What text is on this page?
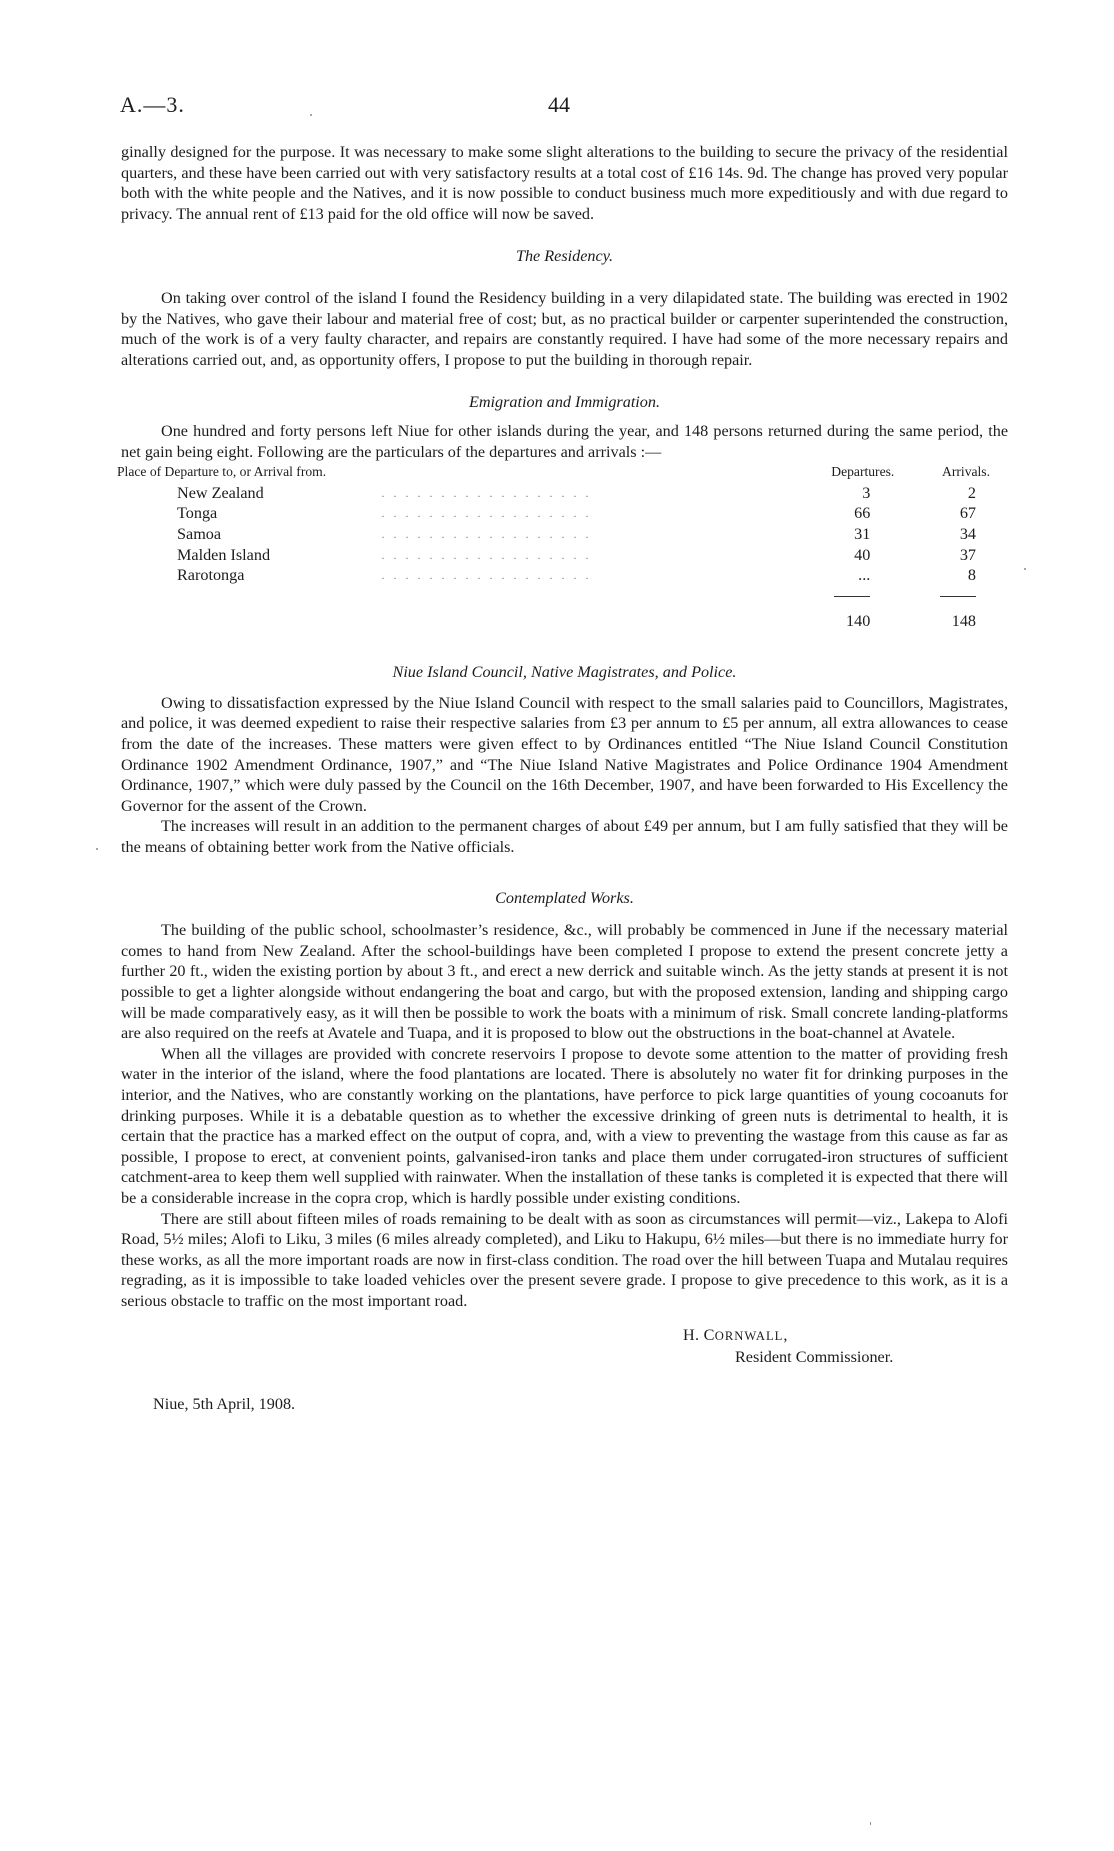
A.—3.	44

ginally designed for the purpose. It was necessary to make some slight alterations to the building to secure the privacy of the residential quarters, and these have been carried out with very satisfactory results at a total cost of £16 14s. 9d. The change has proved very popular both with the white people and the Natives, and it is now possible to conduct business much more expeditiously and with due regard to privacy. The annual rent of £13 paid for the old office will now be saved.

The Residency.

On taking over control of the island I found the Residency building in a very dilapidated state. The building was erected in 1902 by the Natives, who gave their labour and material free of cost; but, as no practical builder or carpenter superintended the construction, much of the work is of a very faulty character, and repairs are constantly required. I have had some of the more necessary repairs and alterations carried out, and, as opportunity offers, I propose to put the building in thorough repair.

Emigration and Immigration.

One hundred and forty persons left Niue for other islands during the year, and 148 persons returned during the same period, the net gain being eight. Following are the particulars of the departures and arrivals :—

Place of Departure to, or Arrival from.		Departures.	Arrivals.
New Zealand	. . . . . . . . . . . . . . . . . .	3	2
Tonga	. . . . . . . . . . . . . . . . . .	66	67
Samoa	. . . . . . . . . . . . . . . . . .	31	34
Malden Island	. . . . . . . . . . . . . . . . . .	40	37
Rarotonga	. . . . . . . . . . . . . . . . . .	...	8

		140	148
Niue Island Council, Native Magistrates, and Police.

Owing to dissatisfaction expressed by the Niue Island Council with respect to the small salaries paid to Councillors, Magistrates, and police, it was deemed expedient to raise their respective salaries from £3 per annum to £5 per annum, all extra allowances to cease from the date of the increases. These matters were given effect to by Ordinances entitled “The Niue Island Council Constitution Ordinance 1902 Amendment Ordinance, 1907,” and “The Niue Island Native Magistrates and Police Ordinance 1904 Amendment Ordinance, 1907,” which were duly passed by the Council on the 16th December, 1907, and have been forwarded to His Excellency the Governor for the assent of the Crown.

The increases will result in an addition to the permanent charges of about £49 per annum, but I am fully satisfied that they will be the means of obtaining better work from the Native officials.

Contemplated Works.

The building of the public school, schoolmaster’s residence, &c., will probably be commenced in June if the necessary material comes to hand from New Zealand. After the school-buildings have been completed I propose to extend the present concrete jetty a further 20 ft., widen the existing portion by about 3 ft., and erect a new derrick and suitable winch. As the jetty stands at present it is not possible to get a lighter alongside without endangering the boat and cargo, but with the proposed extension, landing and shipping cargo will be made comparatively easy, as it will then be possible to work the boats with a minimum of risk. Small concrete landing-platforms are also required on the reefs at Avatele and Tuapa, and it is proposed to blow out the obstructions in the boat-channel at Avatele.

When all the villages are provided with concrete reservoirs I propose to devote some attention to the matter of providing fresh water in the interior of the island, where the food plantations are located. There is absolutely no water fit for drinking purposes in the interior, and the Natives, who are constantly working on the plantations, have perforce to pick large quantities of young cocoanuts for drinking purposes. While it is a debatable question as to whether the excessive drinking of green nuts is detrimental to health, it is certain that the practice has a marked effect on the output of copra, and, with a view to preventing the wastage from this cause as far as possible, I propose to erect, at convenient points, galvanised-iron tanks and place them under corrugated-iron structures of sufficient catchment-area to keep them well supplied with rainwater. When the installation of these tanks is completed it is expected that there will be a considerable increase in the copra crop, which is hardly possible under existing conditions.

There are still about fifteen miles of roads remaining to be dealt with as soon as circumstances will permit—viz., Lakepa to Alofi Road, 5½ miles; Alofi to Liku, 3 miles (6 miles already completed), and Liku to Hakupu, 6½ miles—but there is no immediate hurry for these works, as all the more important roads are now in first-class condition. The road over the hill between Tuapa and Mutalau requires regrading, as it is impossible to take loaded vehicles over the present severe grade. I propose to give precedence to this work, as it is a serious obstacle to traffic on the most important road.

H. CORNWALL,
Resident Commissioner.
Niue, 5th April, 1908.
